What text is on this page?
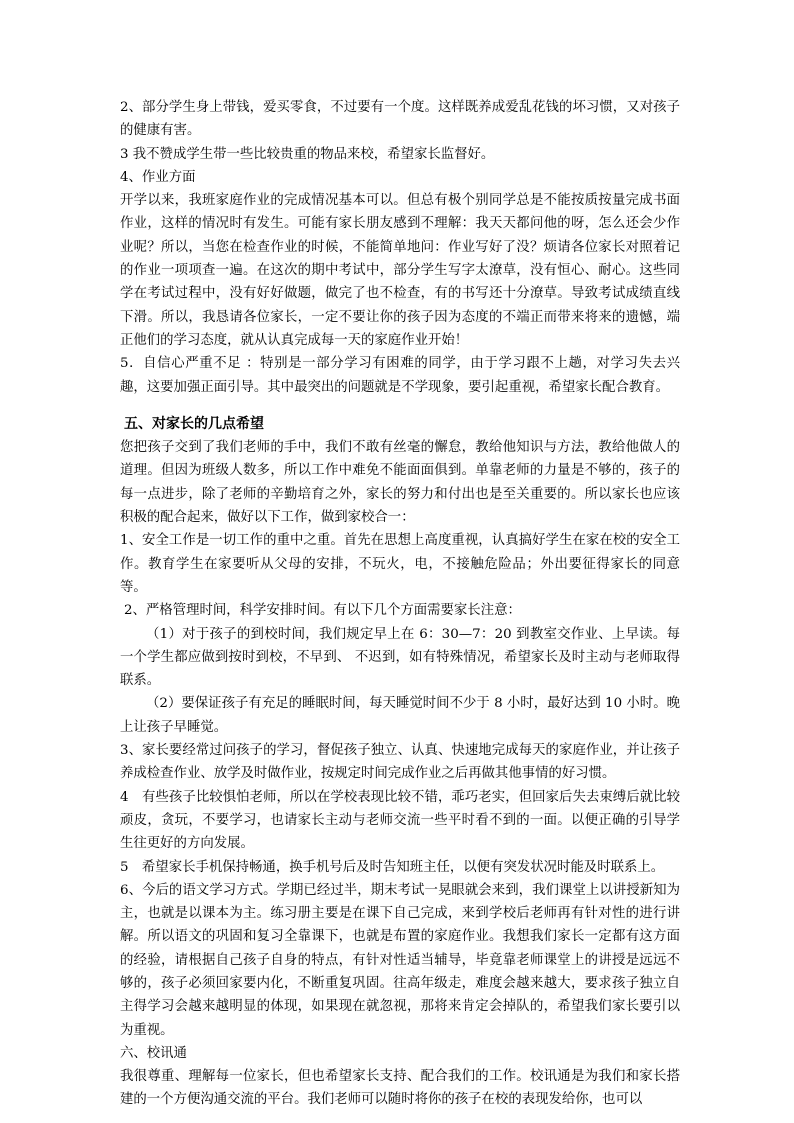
2、部分学生身上带钱，爱买零食，不过要有一个度。这样既养成爱乱花钱的坏习惯，又对孩子的健康有害。

3 我不赞成学生带一些比较贵重的物品来校，希望家长监督好。

4、作业方面

开学以来，我班家庭作业的完成情况基本可以。但总有极个别同学总是不能按质按量完成书面作业，这样的情况时有发生。可能有家长朋友感到不理解：我天天都问他的呀，怎么还会少作业呢？所以，当您在检查作业的时候，不能简单地问：作业写好了没？烦请各位家长对照着记的作业一项项查一遍。在这次的期中考试中，部分学生写字太潦草，没有恒心、耐心。这些同学在考试过程中，没有好好做题，做完了也不检查，有的书写还十分潦草。导致考试成绩直线下滑。所以，我恳请各位家长，一定不要让你的孩子因为态度的不端正而带来将来的遗憾，端正他们的学习态度，就从认真完成每一天的家庭作业开始！

5．自信心严重不足 ：特别是一部分学习有困难的同学，由于学习跟不上趟，对学习失去兴趣，这要加强正面引导。其中最突出的问题就是不学现象，要引起重视，希望家长配合教育。

五、对家长的几点希望

您把孩子交到了我们老师的手中，我们不敢有丝毫的懈怠，教给他知识与方法，教给他做人的道理。但因为班级人数多，所以工作中难免不能面面俱到。单靠老师的力量是不够的，孩子的每一点进步，除了老师的辛勤培育之外，家长的努力和付出也是至关重要的。所以家长也应该积极的配合起来，做好以下工作，做到家校合一：

1、安全工作是一切工作的重中之重。首先在思想上高度重视，认真搞好学生在家在校的安全工作。教育学生在家要听从父母的安排，不玩火，电，不接触危险品；外出要征得家长的同意等。

2、严格管理时间，科学安排时间。有以下几个方面需要家长注意：

（1）对于孩子的到校时间，我们规定早上在 6：30—7：20 到教室交作业、上早读。每一个学生都应做到按时到校，不早到、 不迟到，如有特殊情况，希望家长及时主动与老师取得联系。

（2）要保证孩子有充足的睡眠时间，每天睡觉时间不少于 8 小时，最好达到 10 小时。晚上让孩子早睡觉。

3、家长要经常过问孩子的学习，督促孩子独立、认真、快速地完成每天的家庭作业，并让孩子养成检查作业、放学及时做作业，按规定时间完成作业之后再做其他事情的好习惯。

4　有些孩子比较惧怕老师，所以在学校表现比较不错，乖巧老实，但回家后失去束缚后就比较顽皮，贪玩，不要学习，也请家长主动与老师交流一些平时看不到的一面。以便正确的引导学生往更好的方向发展。

5　希望家长手机保持畅通，换手机号后及时告知班主任，以便有突发状况时能及时联系上。

6、今后的语文学习方式。学期已经过半，期末考试一晃眼就会来到，我们课堂上以讲授新知为主，也就是以课本为主。练习册主要是在课下自己完成，来到学校后老师再有针对性的进行讲解。所以语文的巩固和复习全靠课下，也就是布置的家庭作业。我想我们家长一定都有这方面的经验，请根据自己孩子自身的特点，有针对性适当辅导，毕竟靠老师课堂上的讲授是远远不够的，孩子必须回家要内化，不断重复巩固。往高年级走，难度会越来越大，要求孩子独立自主得学习会越来越明显的体现，如果现在就忽视，那将来肯定会掉队的，希望我们家长要引以为重视。

六、校讯通

我很尊重、理解每一位家长，但也希望家长支持、配合我们的工作。校讯通是为我们和家长搭建的一个方便沟通交流的平台。我们老师可以随时将你的孩子在校的表现发给你，也可以
